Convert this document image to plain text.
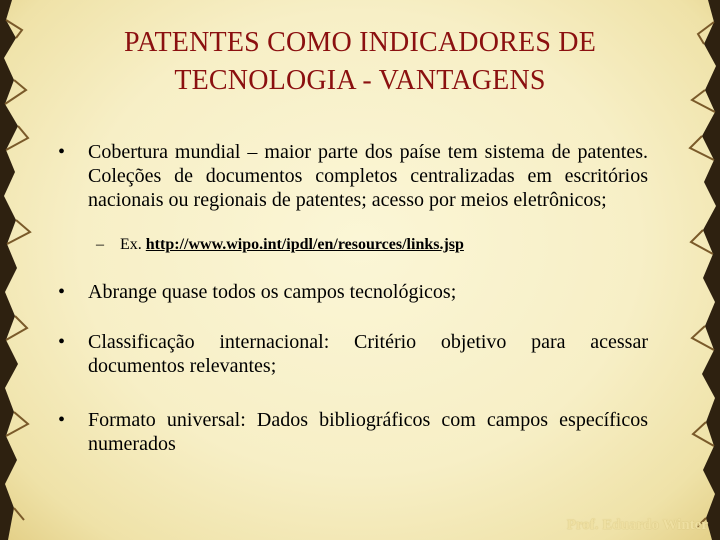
PATENTES COMO INDICADORES DE
TECNOLOGIA - VANTAGENS
• Cobertura mundial – maior parte dos paíse tem sistema de patentes. Coleções de documentos completos centralizadas em escritórios nacionais ou regionais de patentes; acesso por meios eletrônicos;
– Ex. http://www.wipo.int/ipdl/en/resources/links.jsp
• Abrange quase todos os campos tecnológicos;
• Classificação internacional: Critério objetivo para acessar documentos relevantes;
• Formato universal: Dados bibliográficos com campos específicos numerados
Prof. Eduardo Winter
